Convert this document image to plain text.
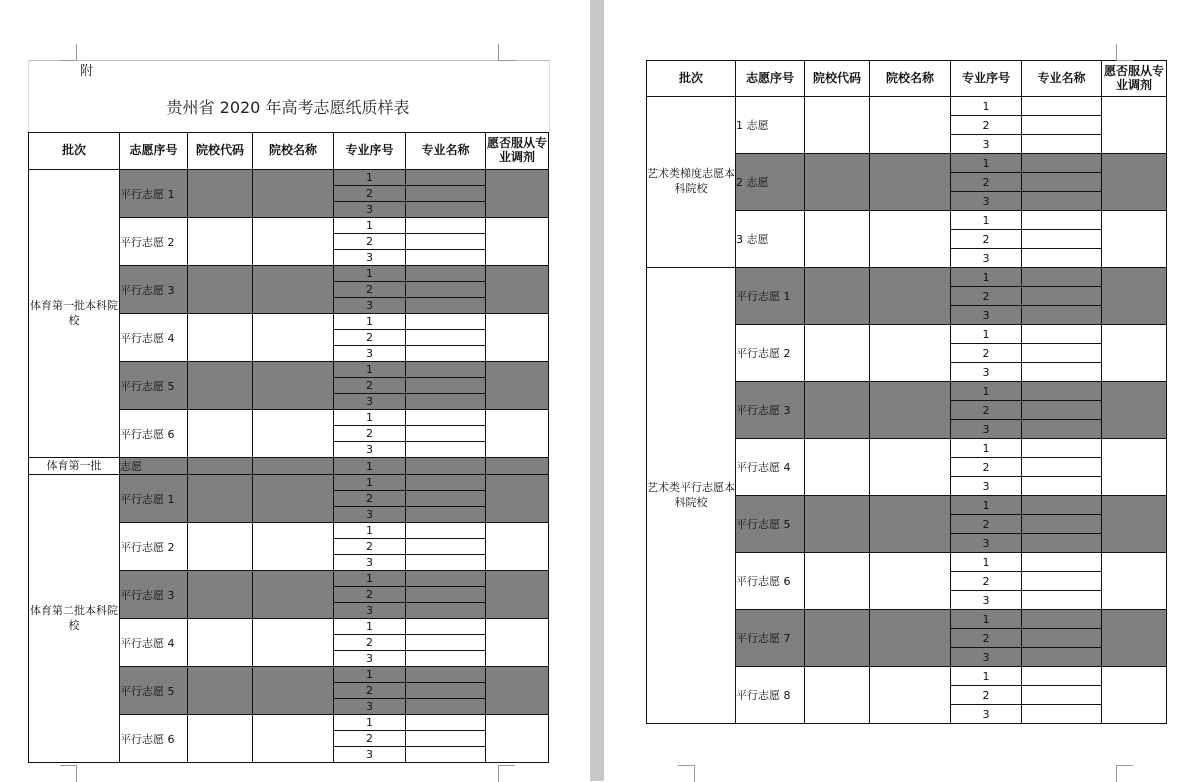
附
贵州省 2020 年高考志愿纸质样表
批次	志愿序号	院校代码	院校名称	专业序号	专业名称	愿否服从专业调剂
体育第一批本科院校	平行志愿 1			1		
				2		
				3		
	平行志愿 2			1		
				2		
				3		
	平行志愿 3			1		
				2		
				3		
	平行志愿 4			1		
				2		
				3		
	平行志愿 5			1		
				2		
				3		
	平行志愿 6			1		
				2		
				3		
体育第一批	志愿			1		
体育第二批本科院校	平行志愿 1			1		
				2		
				3		
	平行志愿 2			1		
				2		
				3		
	平行志愿 3			1		
				2		
				3		
	平行志愿 4			1		
				2		
				3		
	平行志愿 5			1		
				2		
				3		
	平行志愿 6			1		
				2		
				3		
批次	志愿序号	院校代码	院校名称	专业序号	专业名称	愿否服从专业调剂
艺术类梯度志愿本科院校	1 志愿			1		
				2		
				3		
	2 志愿			1		
				2		
				3		
	3 志愿			1		
				2		
				3		
艺术类平行志愿本科院校	平行志愿 1			1		
				2		
				3		
	平行志愿 2			1		
				2		
				3		
	平行志愿 3			1		
				2		
				3		
	平行志愿 4			1		
				2		
				3		
	平行志愿 5			1		
				2		
				3		
	平行志愿 6			1		
				2		
				3		
	平行志愿 7			1		
				2		
				3		
	平行志愿 8			1		
				2		
				3		
